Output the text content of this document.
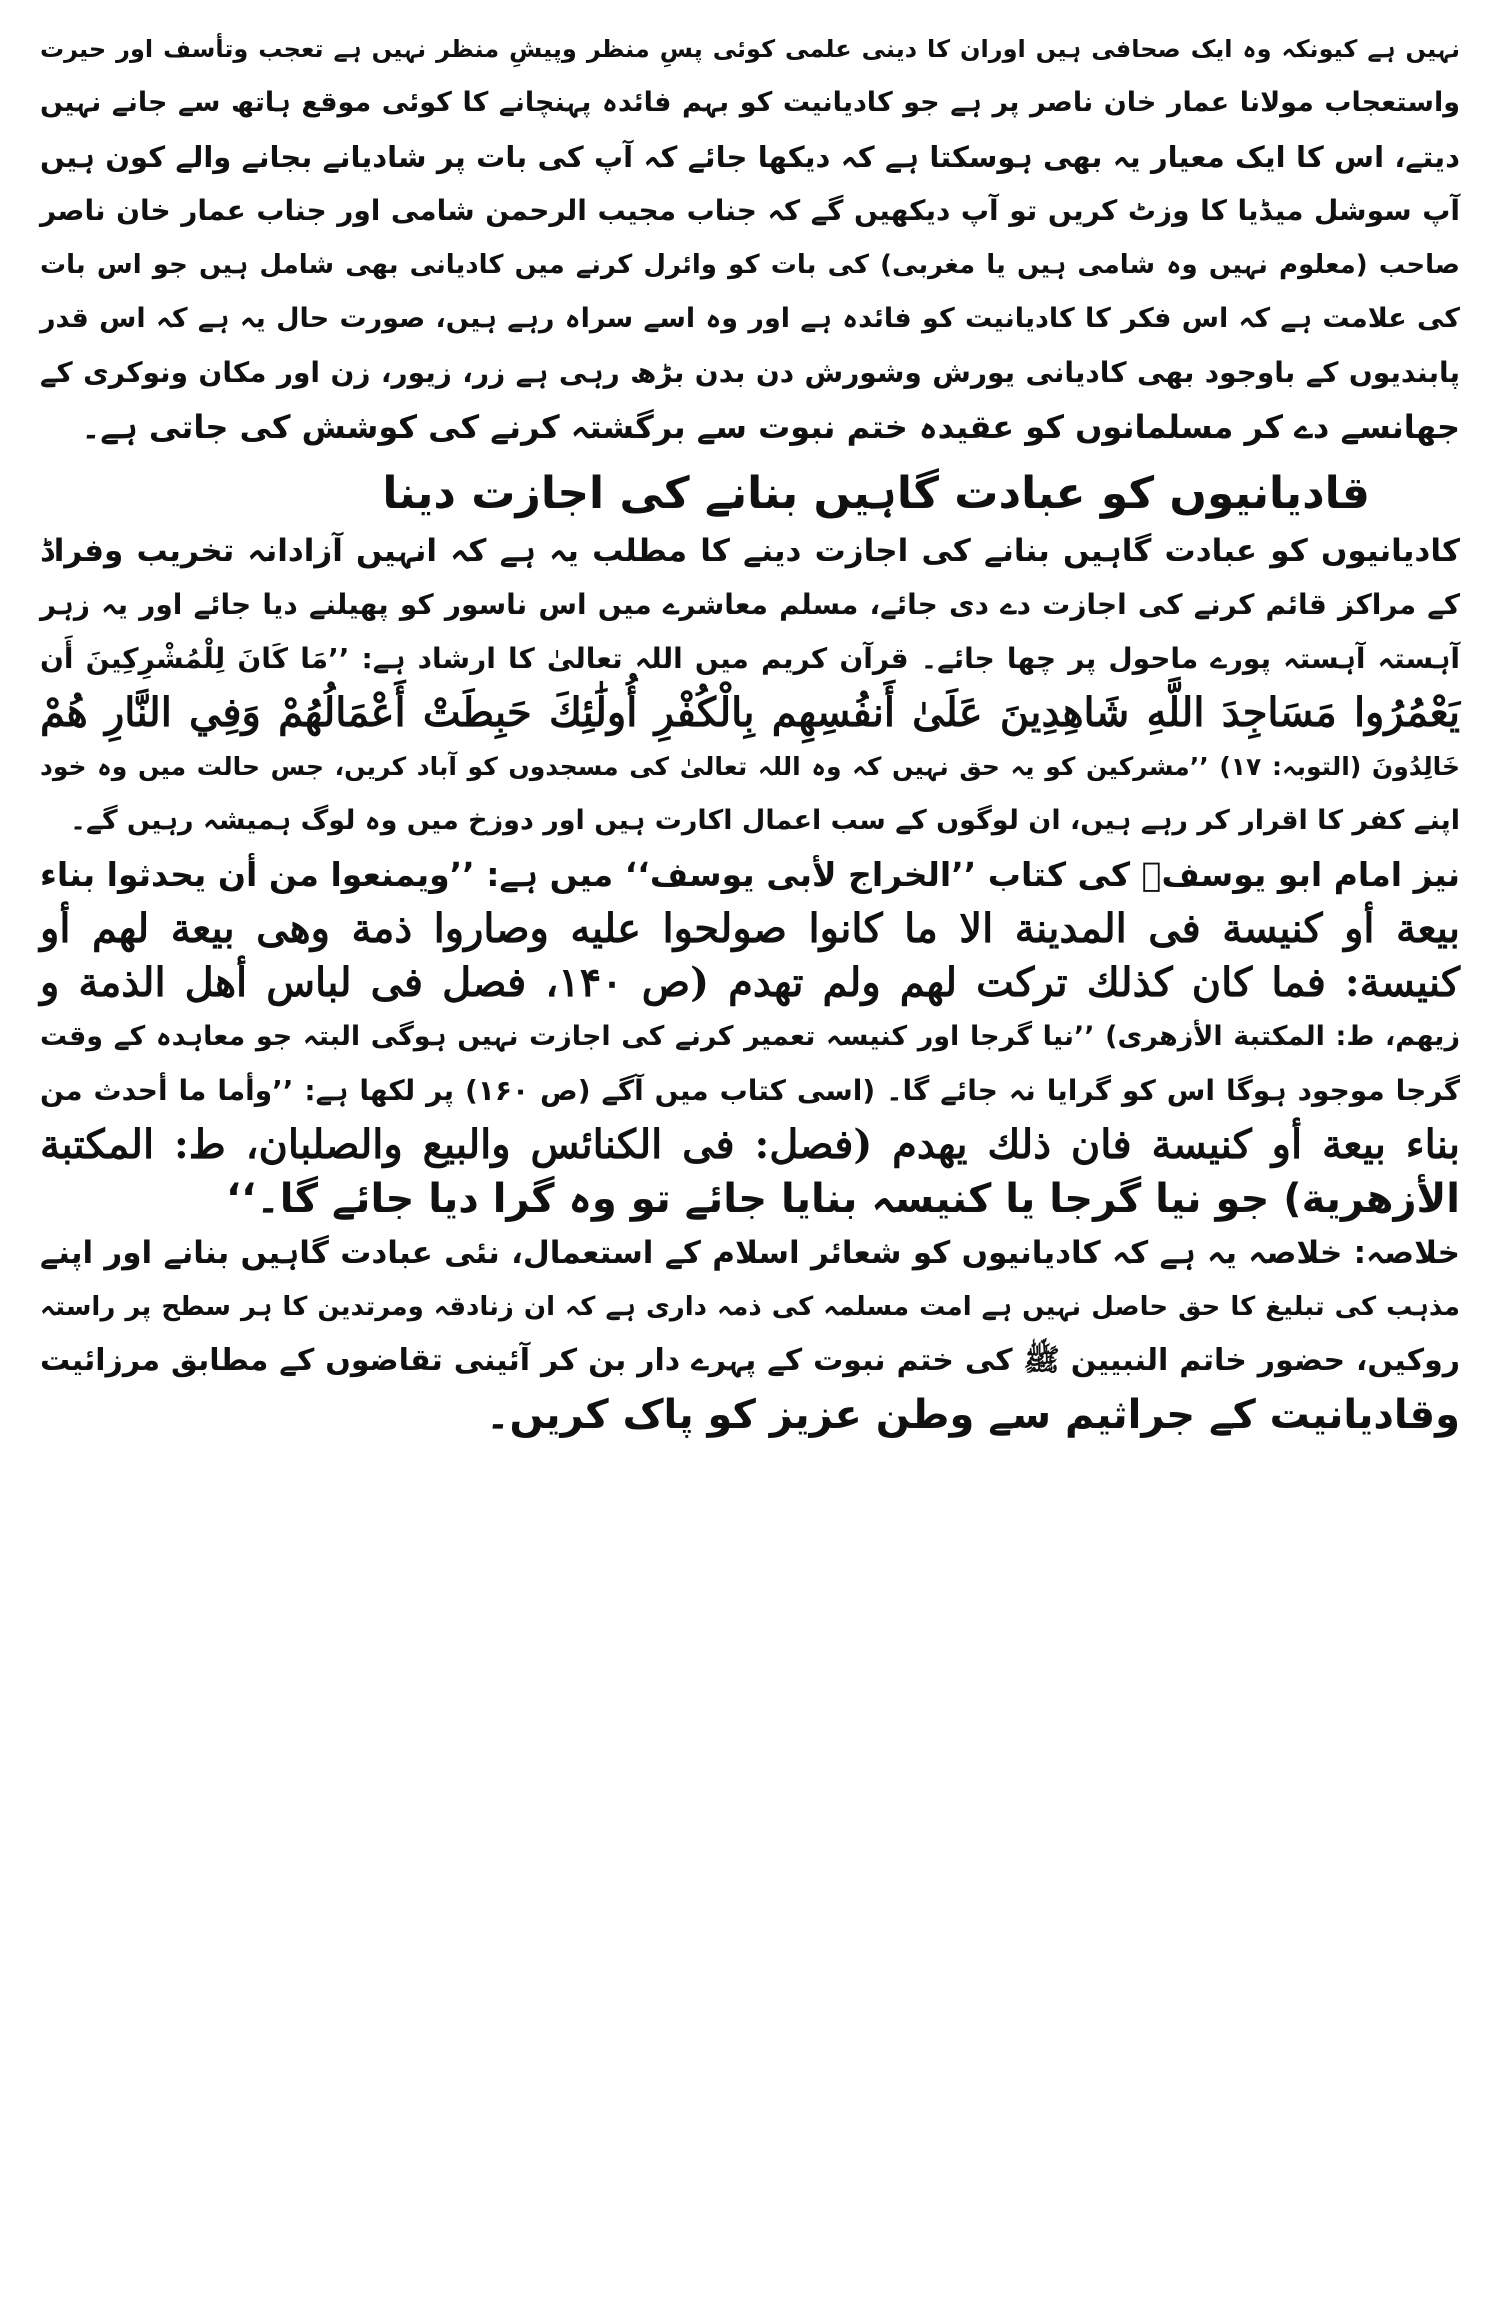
نہیں ہے کیونکہ وہ ایک صحافی ہیں اوران کا دینی علمی کوئی پسِ منظر وپیشِ منظر نہیں ہے تعجب وتأسف اور حیرت
واستعجاب مولانا عمار خان ناصر پر ہے جو کادیانیت کو بہم فائدہ پہنچانے کا کوئی موقع ہاتھ سے جانے نہیں
دیتے، اس کا ایک معیار یہ بھی ہوسکتا ہے کہ دیکھا جائے کہ آپ کی بات پر شادیانے بجانے والے کون ہیں
آپ سوشل میڈیا کا وزٹ کریں تو آپ دیکھیں گے کہ جناب مجیب الرحمن شامی اور جناب عمار خان ناصر
صاحب (معلوم نہیں وہ شامی ہیں یا مغربی) کی بات کو وائرل کرنے میں کادیانی بھی شامل ہیں جو اس بات
کی علامت ہے کہ اس فکر کا کادیانیت کو فائدہ ہے اور وہ اسے سراہ رہے ہیں، صورت حال یہ ہے کہ اس قدر
پابندیوں کے باوجود بھی کادیانی یورش وشورش دن بدن بڑھ رہی ہے زر، زیور، زن اور مکان ونوکری کے
جھانسے دے کر مسلمانوں کو عقیدہ ختم نبوت سے برگشتہ کرنے کی کوشش کی جاتی ہے۔
قادیانیوں کو عبادت گاہیں بنانے کی اجازت دینا
کادیانیوں کو عبادت گاہیں بنانے کی اجازت دینے کا مطلب یہ ہے کہ انہیں آزادانہ تخریب وفراڈ
کے مراکز قائم کرنے کی اجازت دے دی جائے، مسلم معاشرے میں اس ناسور کو پھیلنے دیا جائے اور یہ زہر
آہستہ آہستہ پورے ماحول پر چھا جائے۔ قرآن کریم میں اللہ تعالیٰ کا ارشاد ہے: ’’مَا كَانَ لِلْمُشْرِكِينَ أَن
يَعْمُرُوا مَسَاجِدَ اللَّهِ شَاهِدِينَ عَلَىٰ أَنفُسِهِم بِالْكُفْرِ أُولَٰئِكَ حَبِطَتْ أَعْمَالُهُمْ وَفِي النَّارِ هُمْ
خَالِدُونَ (التوبہ: ۱۷) ’’مشرکین کو یہ حق نہیں کہ وہ اللہ تعالیٰ کی مسجدوں کو آباد کریں، جس حالت میں وہ خود
اپنے کفر کا اقرار کر رہے ہیں، ان لوگوں کے سب اعمال اکارت ہیں اور دوزخ میں وہ لوگ ہمیشہ رہیں گے۔
نیز امام ابو یوسفؒ کی کتاب ’’الخراج لأبی یوسف‘‘ میں ہے: ’’ويمنعوا من أن يحدثوا بناء
بيعة أو كنيسة فى المدينة الا ما كانوا صولحوا عليه وصاروا ذمة وهى بيعة لهم أو
كنيسة: فما كان كذلك تركت لهم ولم تهدم (ص ۱۴۰، فصل فى لباس أهل الذمة و
زيهم، ط: المكتبة الأزهرى) ’’نیا گرجا اور کنیسہ تعمیر کرنے کی اجازت نہیں ہوگی البتہ جو معاہدہ کے وقت
گرجا موجود ہوگا اس کو گرایا نہ جائے گا۔ (اسی کتاب میں آگے (ص ۱۶۰) پر لکھا ہے: ’’وأما ما أحدث من
بناء بيعة أو كنيسة فان ذلك يهدم (فصل: فى الكنائس والبيع والصلبان، ط: المكتبة
الأزهرية) جو نیا گرجا یا کنیسہ بنایا جائے تو وہ گرا دیا جائے گا۔‘‘
خلاصہ: خلاصہ یہ ہے کہ کادیانیوں کو شعائر اسلام کے استعمال، نئی عبادت گاہیں بنانے اور اپنے
مذہب کی تبلیغ کا حق حاصل نہیں ہے امت مسلمہ کی ذمہ داری ہے کہ ان زنادقہ ومرتدین کا ہر سطح پر راستہ
روکیں، حضور خاتم النبیین ﷺ کی ختم نبوت کے پہرے دار بن کر آئینی تقاضوں کے مطابق مرزائیت
وقادیانیت کے جراثیم سے وطن عزیز کو پاک کریں۔
